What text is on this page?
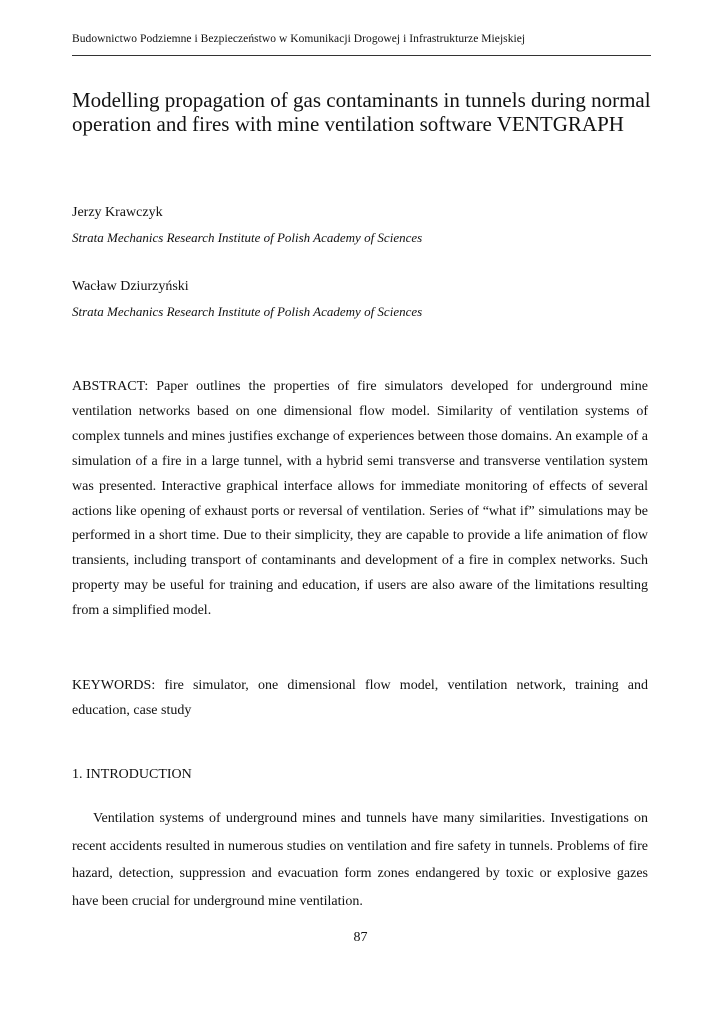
Budownictwo Podziemne i Bezpieczeństwo w Komunikacji Drogowej i Infrastrukturze Miejskiej
Modelling propagation of gas contaminants in tunnels during normal operation and fires with mine ventilation software VENTGRAPH
Jerzy Krawczyk
Strata Mechanics Research Institute of Polish Academy of Sciences
Wacław Dziurzyński
Strata Mechanics Research Institute of Polish Academy of Sciences

ABSTRACT: Paper outlines the properties of fire simulators developed for underground mine ventilation networks based on one dimensional flow model. Similarity of ventilation systems of complex tunnels and mines justifies exchange of experiences between those domains. An example of a simulation of a fire in a large tunnel, with a hybrid semi transverse and transverse ventilation system was presented. Interactive graphical interface allows for immediate monitoring of effects of several actions like opening of exhaust ports or reversal of ventilation. Series of “what if” simulations may be performed in a short time. Due to their simplicity, they are capable to provide a life animation of flow transients, including transport of contaminants and development of a fire in complex networks. Such property may be useful for training and education, if users are also aware of the limitations resulting from a simplified model.

KEYWORDS: fire simulator, one dimensional flow model, ventilation network, training and education, case study

1. INTRODUCTION

Ventilation systems of underground mines and tunnels have many similarities. Investigations on recent accidents resulted in numerous studies on ventilation and fire safety in tunnels. Problems of fire hazard, detection, suppression and evacuation form zones endangered by toxic or explosive gazes have been crucial for underground mine ventilation.

87
